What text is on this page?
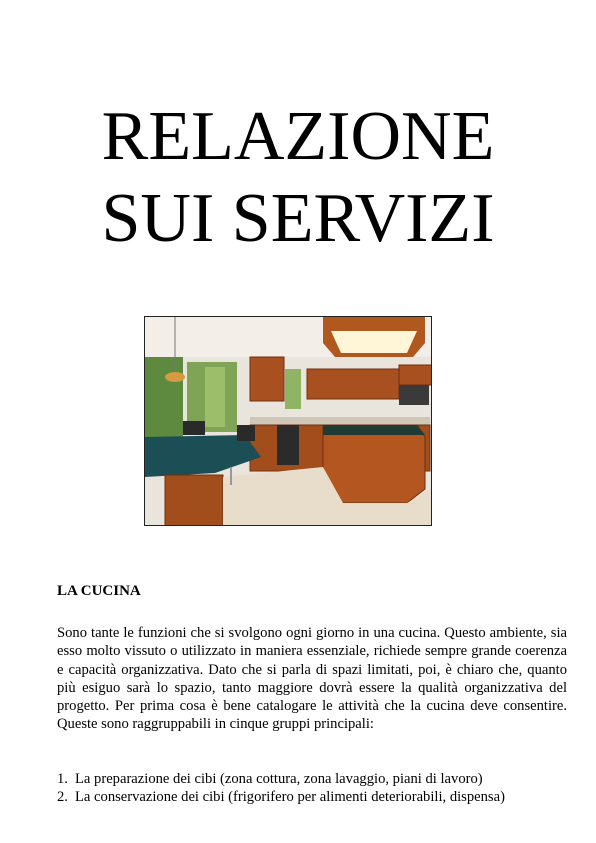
RELAZIONE
SUI SERVIZI
LA CUCINA
Sono tante le funzioni che si svolgono ogni giorno in una cucina. Questo ambiente, sia esso molto vissuto o utilizzato in maniera essenziale, richiede sempre grande coerenza e capacità organizzativa. Dato che si parla di spazi limitati, poi, è chiaro che, quanto più esiguo sarà lo spazio, tanto maggiore dovrà essere la qualità organizzativa del progetto. Per prima cosa è bene catalogare le attività che la cucina deve consentire. Queste sono raggruppabili in cinque gruppi principali:
1. La preparazione dei cibi (zona cottura, zona lavaggio, piani di lavoro)
2. La conservazione dei cibi (frigorifero per alimenti deteriorabili, dispensa)
